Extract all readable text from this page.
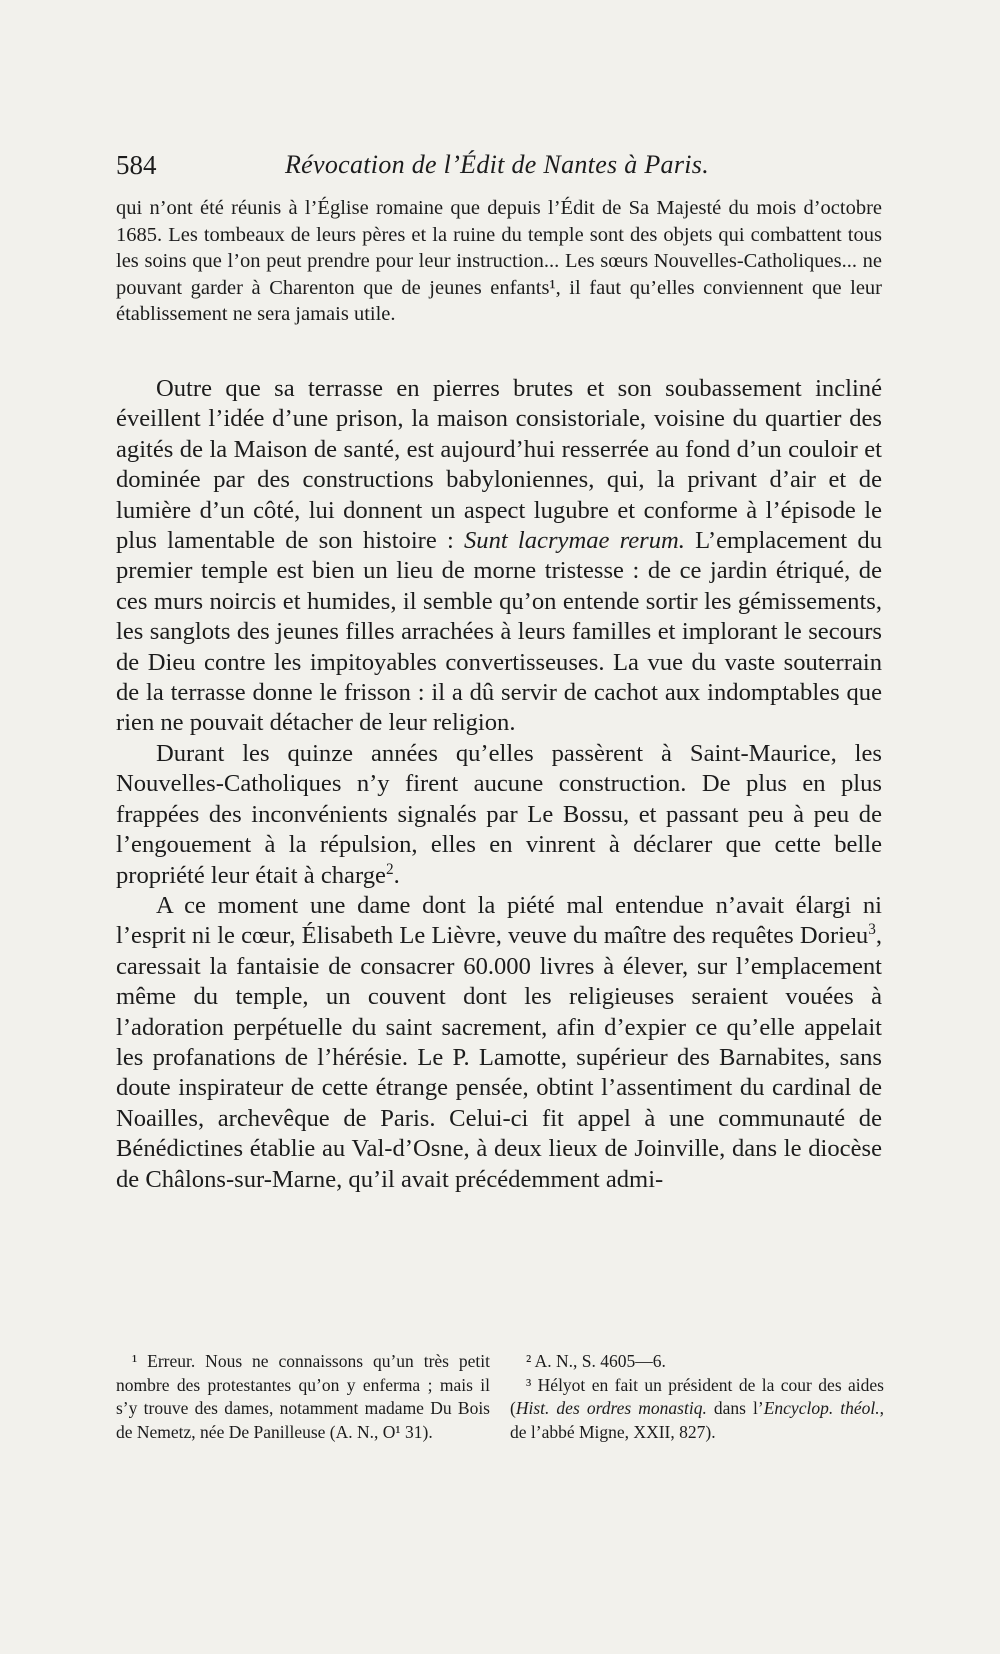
584	Révocation de l’Édit de Nantes à Paris.

qui n’ont été réunis à l’Église romaine que depuis l’Édit de Sa Majesté du mois d’octobre 1685. Les tombeaux de leurs pères et la ruine du temple sont des objets qui combattent tous les soins que l’on peut prendre pour leur instruction... Les sœurs Nouvelles-Catholiques... ne pouvant garder à Charenton que de jeunes enfants¹, il faut qu’elles conviennent que leur établissement ne sera jamais utile.

Outre que sa terrasse en pierres brutes et son soubassement incliné éveillent l’idée d’une prison, la maison consistoriale, voisine du quartier des agités de la Maison de santé, est aujourd’hui resserrée au fond d’un couloir et dominée par des constructions babyloniennes, qui, la privant d’air et de lumière d’un côté, lui donnent un aspect lugubre et conforme à l’épisode le plus lamentable de son histoire : Sunt lacrymae rerum. L’emplacement du premier temple est bien un lieu de morne tristesse : de ce jardin étriqué, de ces murs noircis et humides, il semble qu’on entende sortir les gémissements, les sanglots des jeunes filles arrachées à leurs familles et implorant le secours de Dieu contre les impitoyables convertisseuses. La vue du vaste souterrain de la terrasse donne le frisson : il a dû servir de cachot aux indomptables que rien ne pouvait détacher de leur religion.

Durant les quinze années qu’elles passèrent à Saint-Maurice, les Nouvelles-Catholiques n’y firent aucune construction. De plus en plus frappées des inconvénients signalés par Le Bossu, et passant peu à peu de l’engouement à la répulsion, elles en vinrent à déclarer que cette belle propriété leur était à charge$^2$.

A ce moment une dame dont la piété mal entendue n’avait élargi ni l’esprit ni le cœur, Élisabeth Le Lièvre, veuve du maître des requêtes Dorieu$^3$, caressait la fantaisie de consacrer 60.000 livres à élever, sur l’emplacement même du temple, un couvent dont les religieuses seraient vouées à l’adoration perpétuelle du saint sacrement, afin d’expier ce qu’elle appelait les profanations de l’hérésie. Le P. Lamotte, supérieur des Barnabites, sans doute inspirateur de cette étrange pensée, obtint l’assentiment du cardinal de Noailles, archevêque de Paris. Celui-ci fit appel à une communauté de Bénédictines établie au Val-d’Osne, à deux lieux de Joinville, dans le diocèse de Châlons-sur-Marne, qu’il avait précédemment admi-

¹ Erreur. Nous ne connaissons qu’un très petit nombre des protestantes qu’on y enferma ; mais il s’y trouve des dames, notamment madame Du Bois de Nemetz, née De Panilleuse (A. N., O¹ 31).

² A. N., S. 4605—6.

³ Hélyot en fait un président de la cour des aides (Hist. des ordres monastiq. dans l’Encyclop. théol., de l’abbé Migne, XXII, 827).
